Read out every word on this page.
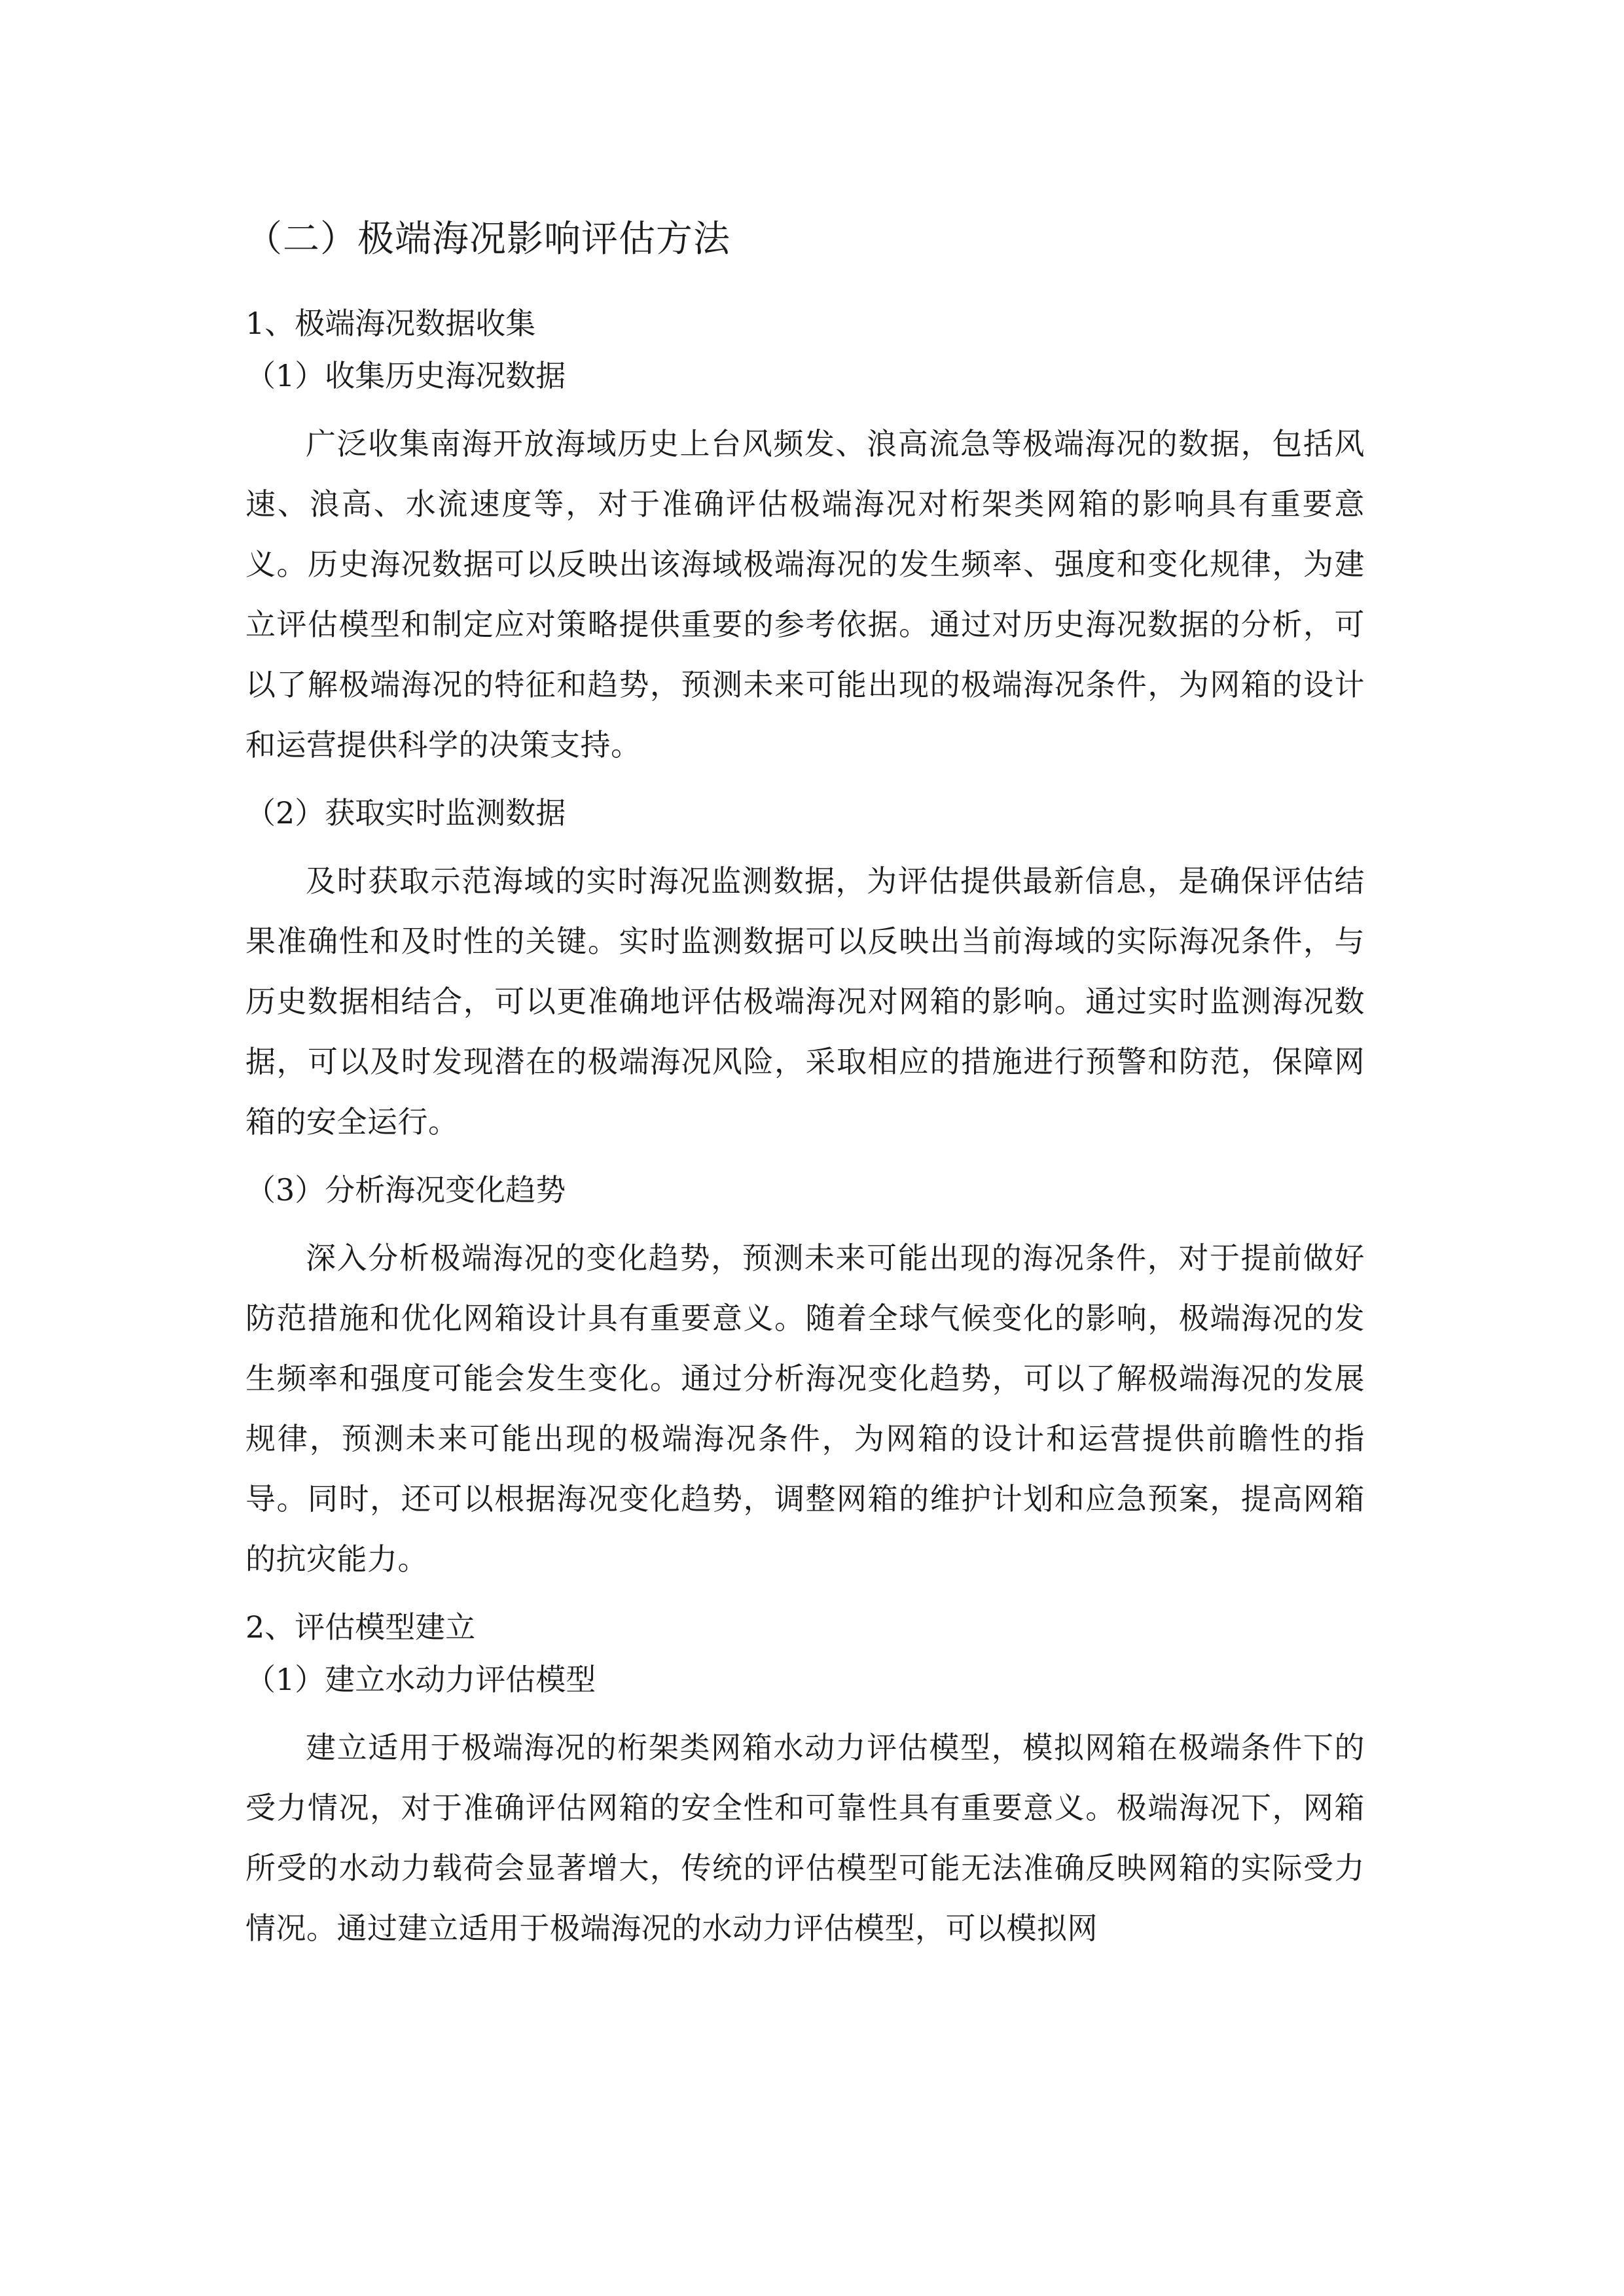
（二）极端海况影响评估方法
1、极端海况数据收集
（1）收集历史海况数据

广泛收集南海开放海域历史上台风频发、浪高流急等极端海况的数据，包括风速、浪高、水流速度等，对于准确评估极端海况对桁架类网箱的影响具有重要意义。历史海况数据可以反映出该海域极端海况的发生频率、强度和变化规律，为建立评估模型和制定应对策略提供重要的参考依据。通过对历史海况数据的分析，可以了解极端海况的特征和趋势，预测未来可能出现的极端海况条件，为网箱的设计和运营提供科学的决策支持。

（2）获取实时监测数据

及时获取示范海域的实时海况监测数据，为评估提供最新信息，是确保评估结果准确性和及时性的关键。实时监测数据可以反映出当前海域的实际海况条件，与历史数据相结合，可以更准确地评估极端海况对网箱的影响。通过实时监测海况数据，可以及时发现潜在的极端海况风险，采取相应的措施进行预警和防范，保障网箱的安全运行。

（3）分析海况变化趋势

深入分析极端海况的变化趋势，预测未来可能出现的海况条件，对于提前做好防范措施和优化网箱设计具有重要意义。随着全球气候变化的影响，极端海况的发生频率和强度可能会发生变化。通过分析海况变化趋势，可以了解极端海况的发展规律，预测未来可能出现的极端海况条件，为网箱的设计和运营提供前瞻性的指导。同时，还可以根据海况变化趋势，调整网箱的维护计划和应急预案，提高网箱的抗灾能力。

2、评估模型建立
（1）建立水动力评估模型

建立适用于极端海况的桁架类网箱水动力评估模型，模拟网箱在极端条件下的受力情况，对于准确评估网箱的安全性和可靠性具有重要意义。极端海况下，网箱所受的水动力载荷会显著增大，传统的评估模型可能无法准确反映网箱的实际受力情况。通过建立适用于极端海况的水动力评估模型，可以模拟网
